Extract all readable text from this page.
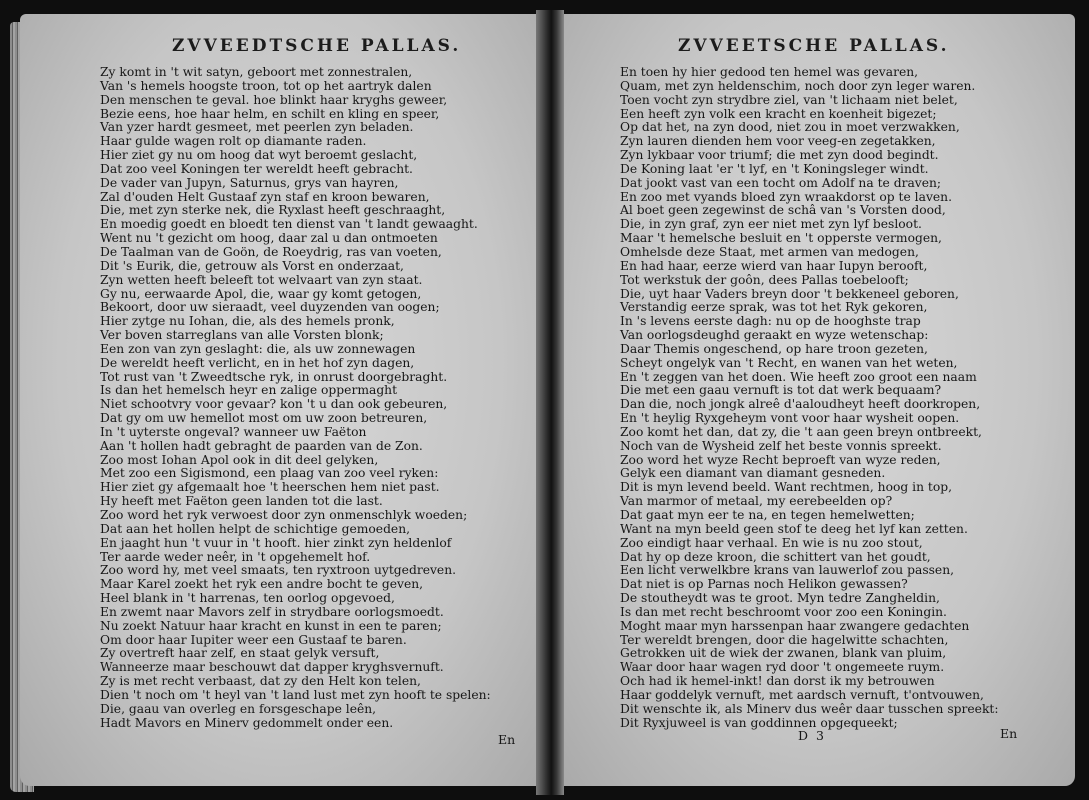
ZVVEEDTSCHE PALLAS.
Zy komt in 't wit satyn, geboort met zonnestralen,
Van 's hemels hoogste troon, tot op het aartryk dalen
Den menschen te geval. hoe blinkt haar kryghs geweer,
Bezie eens, hoe haar helm, en schilt en kling en speer,
Van yzer hardt gesmeet, met peerlen zyn beladen.
Haar gulde wagen rolt op diamante raden.
Hier ziet gy nu om hoog dat wyt beroemt geslacht,
Dat zoo veel Koningen ter wereldt heeft gebracht.
De vader van Jupyn, Saturnus, grys van hayren,
Zal d'ouden Helt Gustaaf zyn staf en kroon bewaren,
Die, met zyn sterke nek, die Ryxlast heeft geschraaght,
En moedig goedt en bloedt ten dienst van 't landt gewaaght.
Went nu 't gezicht om hoog, daar zal u dan ontmoeten
De Taalman van de Goön, de Roeydrig, ras van voeten,
Dit 's Eurik, die, getrouw als Vorst en onderzaat,
Zyn wetten heeft beleeft tot welvaart van zyn staat.
Gy nu, eerwaarde Apol, die, waar gy komt getogen,
Bekoort, door uw sieraadt, veel duyzenden van oogen;
Hier zytge nu Iohan, die, als des hemels pronk,
Ver boven starreglans van alle Vorsten blonk;
Een zon van zyn geslaght: die, als uw zonnewagen
De wereldt heeft verlicht, en in het hof zyn dagen,
Tot rust van 't Zweedtsche ryk, in onrust doorgebraght.
Is dan het hemelsch heyr en zalige oppermaght
Niet schootvry voor gevaar? kon 't u dan ook gebeuren,
Dat gy om uw hemellot most om uw zoon betreuren,
In 't uyterste ongeval? wanneer uw Faëton
Aan 't hollen hadt gebraght de paarden van de Zon.
Zoo most Iohan Apol ook in dit deel gelyken,
Met zoo een Sigismond, een plaag van zoo veel ryken:
Hier ziet gy afgemaalt hoe 't heerschen hem niet past.
Hy heeft met Faëton geen landen tot die last.
Zoo word het ryk verwoest door zyn onmenschlyk woeden;
Dat aan het hollen helpt de schichtige gemoeden,
En jaaght hun 't vuur in 't hooft. hier zinkt zyn heldenlof
Ter aarde weder neêr, in 't opgehemelt hof.
Zoo word hy, met veel smaats, ten ryxtroon uytgedreven.
Maar Karel zoekt het ryk een andre bocht te geven,
Heel blank in 't harrenas, ten oorlog opgevoed,
En zwemt naar Mavors zelf in strydbare oorlogsmoedt.
Nu zoekt Natuur haar kracht en kunst in een te paren;
Om door haar Iupiter weer een Gustaaf te baren.
Zy overtreft haar zelf, en staat gelyk versuft,
Wanneerze maar beschouwt dat dapper kryghsvernuft.
Zy is met recht verbaast, dat zy den Helt kon telen,
Dien 't noch om 't heyl van 't land lust met zyn hooft te spelen:
Die, gaau van overleg en forsgeschape leên,
Hadt Mavors en Minerv gedommelt onder een.
En
ZVVEETSCHE PALLAS.
En toen hy hier gedood ten hemel was gevaren,
Quam, met zyn heldenschim, noch door zyn leger waren.
Toen vocht zyn strydbre ziel, van 't lichaam niet belet,
Een heeft zyn volk een kracht en koenheit bigezet;
Op dat het, na zyn dood, niet zou in moet verzwakken,
Zyn lauren dienden hem voor veeg-en zegetakken,
Zyn lykbaar voor triumf; die met zyn dood begindt.
De Koning laat 'er 't lyf, en 't Koningsleger windt.
Dat jookt vast van een tocht om Adolf na te draven;
En zoo met vyands bloed zyn wraakdorst op te laven.
Al boet geen zegewinst de schâ van 's Vorsten dood,
Die, in zyn graf, zyn eer niet met zyn lyf besloot.
Maar 't hemelsche besluit en 't opperste vermogen,
Omhelsde deze Staat, met armen van medogen,
En had haar, eerze wierd van haar Iupyn berooft,
Tot werkstuk der goôn, dees Pallas toebelooft;
Die, uyt haar Vaders breyn door 't bekkeneel geboren,
Verstandig eerze sprak, was tot het Ryk gekoren,
In 's levens eerste dagh: nu op de hooghste trap
Van oorlogsdeughd geraakt en wyze wetenschap:
Daar Themis ongeschend, op hare troon gezeten,
Scheyt ongelyk van 't Recht, en wanen van het weten,
En 't zeggen van het doen. Wie heeft zoo groot een naam
Die met een gaau vernuft is tot dat werk bequaam?
Dan die, noch jongk alreê d'aaloudheyt heeft doorkropen,
En 't heylig Ryxgeheym vont voor haar wysheit oopen.
Zoo komt het dan, dat zy, die 't aan geen breyn ontbreekt,
Noch van de Wysheid zelf het beste vonnis spreekt.
Zoo word het wyze Recht beproeft van wyze reden,
Gelyk een diamant van diamant gesneden.
Dit is myn levend beeld. Want rechtmen, hoog in top,
Van marmor of metaal, my eerebeelden op?
Dat gaat myn eer te na, en tegen hemelwetten;
Want na myn beeld geen stof te deeg het lyf kan zetten.
Zoo eindigt haar verhaal. En wie is nu zoo stout,
Dat hy op deze kroon, die schittert van het goudt,
Een licht verwelkbre krans van lauwerlof zou passen,
Dat niet is op Parnas noch Helikon gewassen?
De stoutheydt was te groot. Myn tedre Zangheldin,
Is dan met recht beschroomt voor zoo een Koningin.
Moght maar myn harssenpan haar zwangere gedachten
Ter wereldt brengen, door die hagelwitte schachten,
Getrokken uit de wiek der zwanen, blank van pluim,
Waar door haar wagen ryd door 't ongemeete ruym.
Och had ik hemel-inkt! dan dorst ik my betrouwen
Haar goddelyk vernuft, met aardsch vernuft, t'ontvouwen,
Dit wenschte ik, als Minerv dus weêr daar tusschen spreekt:
Dit Ryxjuweel is van goddinnen opgequeekt;
D 3	En
